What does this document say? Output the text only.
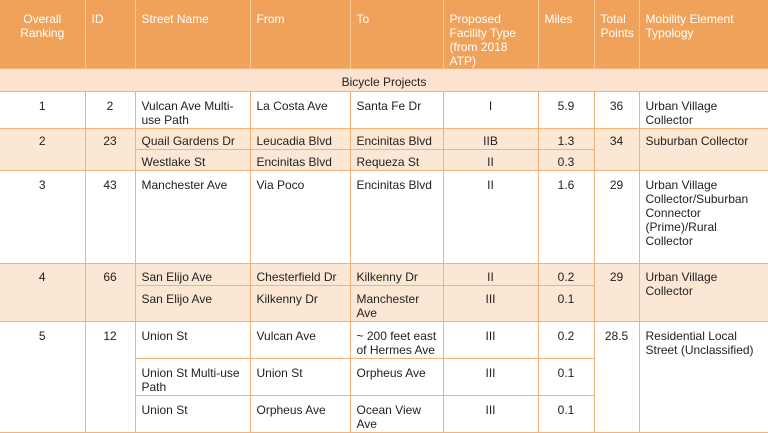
Overall Ranking	ID	Street Name	From	To	Proposed Facility Type (from 2018 ATP)	Miles	Total Points	Mobility Element Typology
Bicycle Projects								
1	2	Vulcan Ave Multi-use Path	La Costa Ave	Santa Fe Dr	I	5.9	36	Urban Village Collector
2	23	Quail Gardens Dr	Leucadia Blvd	Encinitas Blvd	IIB	1.3	34	Suburban Collector
		Westlake St	Encinitas Blvd	Requeza St	II	0.3		
3	43	Manchester Ave	Via Poco	Encinitas Blvd	II	1.6	29	Urban Village Collector/Suburban Connector (Prime)/Rural Collector
4	66	San Elijo Ave	Chesterfield Dr	Kilkenny Dr	II	0.2	29	Urban Village Collector
		San Elijo Ave	Kilkenny Dr	Manchester Ave	III	0.1		
5	12	Union St	Vulcan Ave	~ 200 feet east of Hermes Ave	III	0.2	28.5	Residential Local Street (Unclassified)
		Union St Multi-use Path	Union St	Orpheus Ave	III	0.1		
		Union St	Orpheus Ave	Ocean View Ave	III	0.1		
